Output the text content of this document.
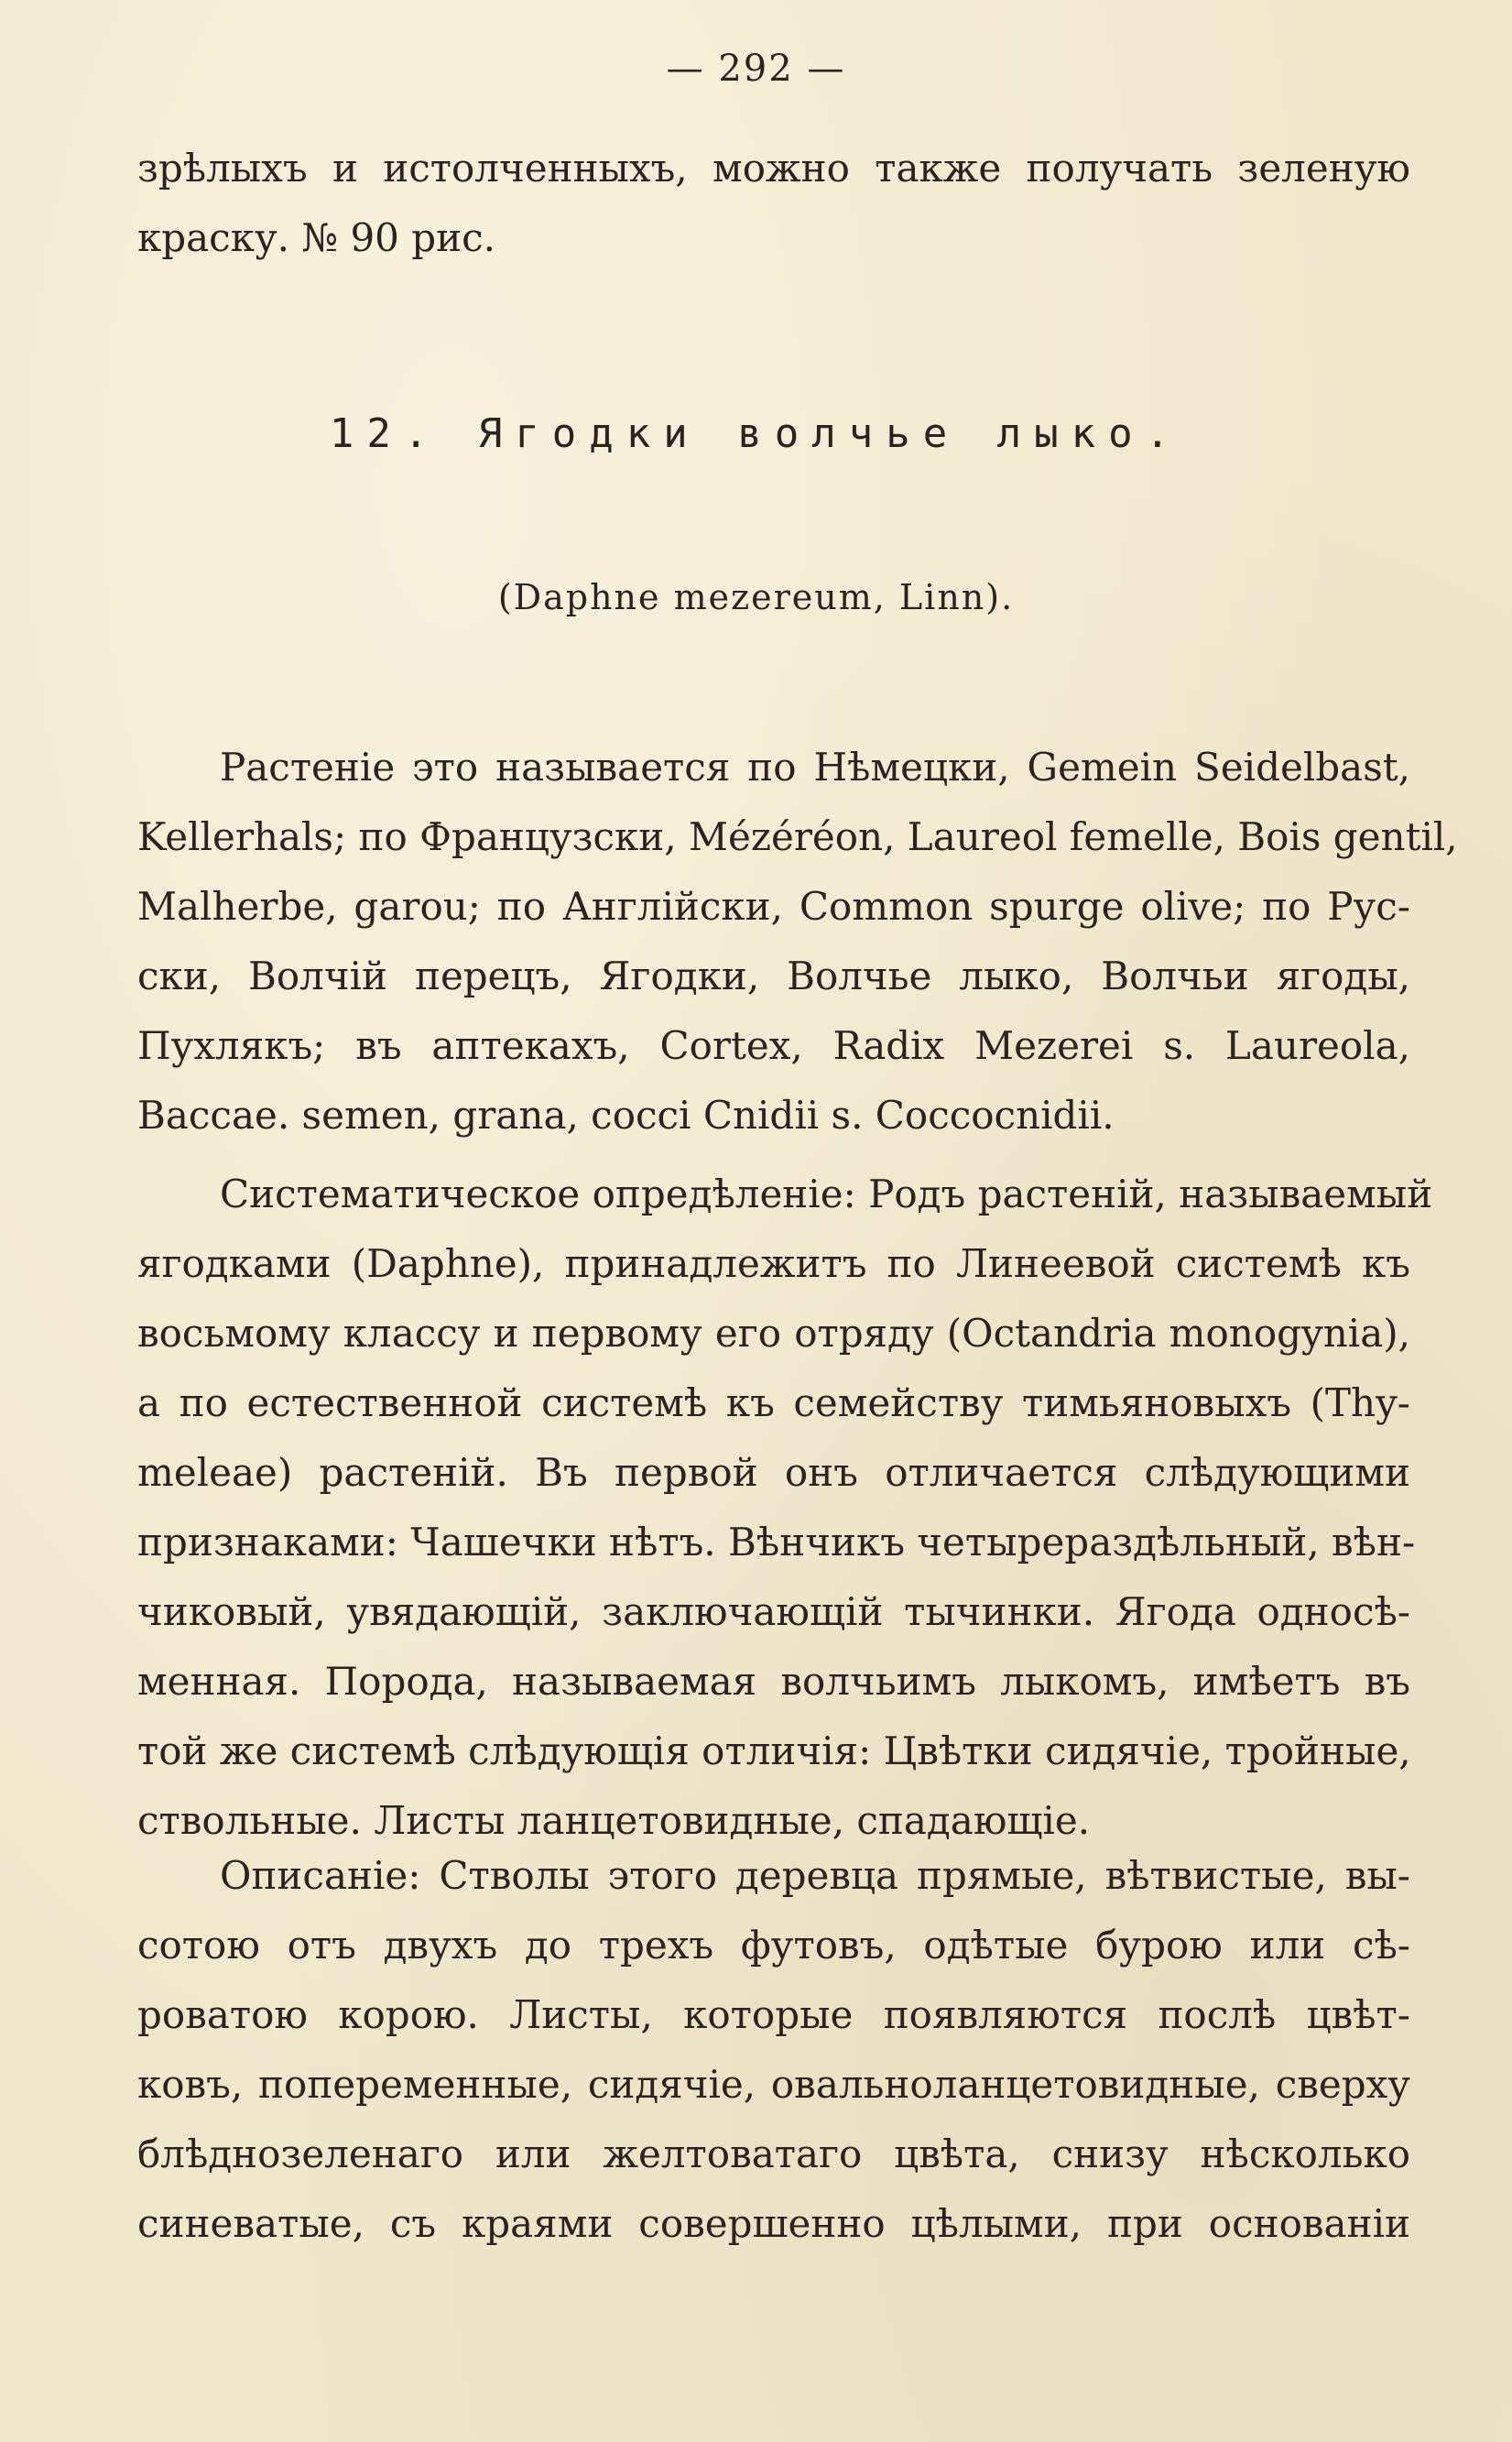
— 292 —
зрѣлыхъ и истолченныхъ, можно также получать зеленую
краску. № 90 рис.
12. Ягодки волчье лыко.
(Daphne mezereum, Linn).
Растеніе это называется по Нѣмецки, Gemein Seidelbast,
Kellerhals; по Французски, Mézéréon, Laureol femelle, Bois gentil,
Malherbe, garou; по Англійски, Common spurge olive; по Рус-
ски, Волчій перецъ, Ягодки, Волчье лыко, Волчьи ягоды,
Пухлякъ; въ аптекахъ, Cortex, Radix Mezerei s. Laureola,
Baccae. semen, grana, cocci Cnidii s. Coccocnidii.
Систематическое опредѣленіе: Родъ растеній, называемый
ягодками (Daphne), принадлежитъ по Линеевой системѣ къ
восьмому классу и первому его отряду (Octandria monogynia),
а по естественной системѣ къ семейству тимьяновыхъ (Thy-
meleae) растеній. Въ первой онъ отличается слѣдующими
признаками: Чашечки нѣтъ. Вѣнчикъ четырераздѣльный, вѣн-
чиковый, увядающій, заключающій тычинки. Ягода односѣ-
менная. Порода, называемая волчьимъ лыкомъ, имѣетъ въ
той же системѣ слѣдующія отличія: Цвѣтки сидячіе, тройные,
ствольные. Листы ланцетовидные, спадающіе.
Описаніе: Стволы этого деревца прямые, вѣтвистые, вы-
сотою отъ двухъ до трехъ футовъ, одѣтые бурою или сѣ-
роватою корою. Листы, которые появляются послѣ цвѣт-
ковъ, попеременные, сидячіе, овальноланцетовидные, сверху
блѣднозеленаго или желтоватаго цвѣта, снизу нѣсколько
синеватые, съ краями совершенно цѣлыми, при основаніи
